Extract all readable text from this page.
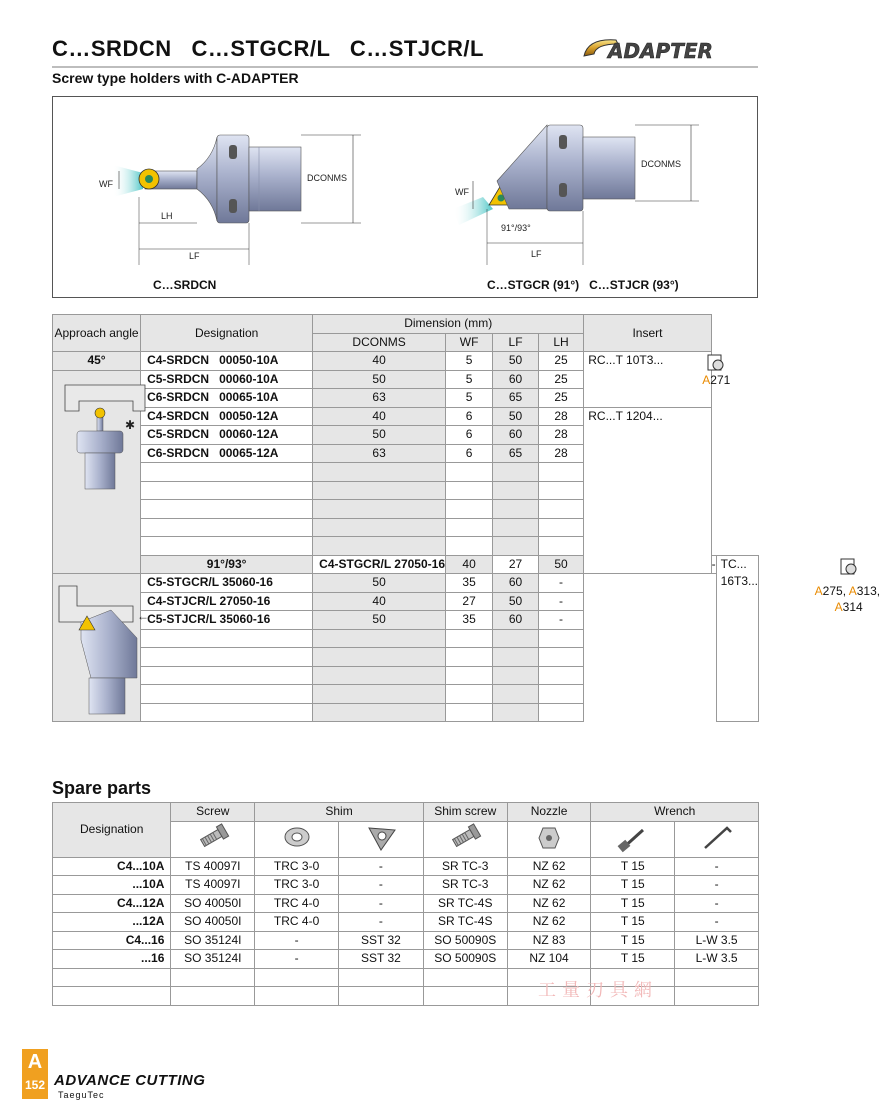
C…SRDCN   C…STGCR/L   C…STJCR/L
Screw type holders with C-ADAPTER
ADAPTER
DCONMS
WF
LH
LF
DCONMS
WF
91°/93°
LF
C…SRDCN	C…STGCR (91°)   C…STJCR (93°)
Approach angle	Designation	Dimension (mm)				Insert		
		DCONMS	WF	LF	LH			
45°	C4-SRDCN   00050-10A	40	5	50	25	RC...T 10T3...
A271		

✱	C5-SRDCN   00060-10A	50	5	60	25			
	C6-SRDCN   00065-10A	63	5	65	25			
	C4-SRDCN   00050-12A	40	6	50	28	RC...T 1204...		
	C5-SRDCN   00060-12A	50	6	60	28			
	C6-SRDCN   00065-12A	63	6	65	28			

	91°/93°	C4-STGCR/L 27050-16	40	27	50		-	TC... 16T3...
A275, A313,
A314

←	C5-STGCR/L 35060-16	50	35	60	-			
	C4-STJCR/L 27050-16	40	27	50	-			
	C5-STJCR/L 35060-16	50	35	60	-			

Spare parts
Designation	Screw	Shim		Shim screw	Nozzle	Wrench	

C4...10A	TS 40097I	TRC 3-0	-	SR TC-3	NZ 62	T 15	-
...10A	TS 40097I	TRC 3-0	-	SR TC-3	NZ 62	T 15	-
C4...12A	SO 40050I	TRC 4-0	-	SR TC-4S	NZ 62	T 15	-
...12A	SO 40050I	TRC 4-0	-	SR TC-4S	NZ 62	T 15	-
C4...16	SO 35124I	-	SST 32	SO 50090S	NZ 83	T 15	L-W 3.5
...16	SO 35124I	-	SST 32	SO 50090S	NZ 104	T 15	L-W 3.5

工量刃具網
A
152 ADVANCE CUTTING
TaeguTec
